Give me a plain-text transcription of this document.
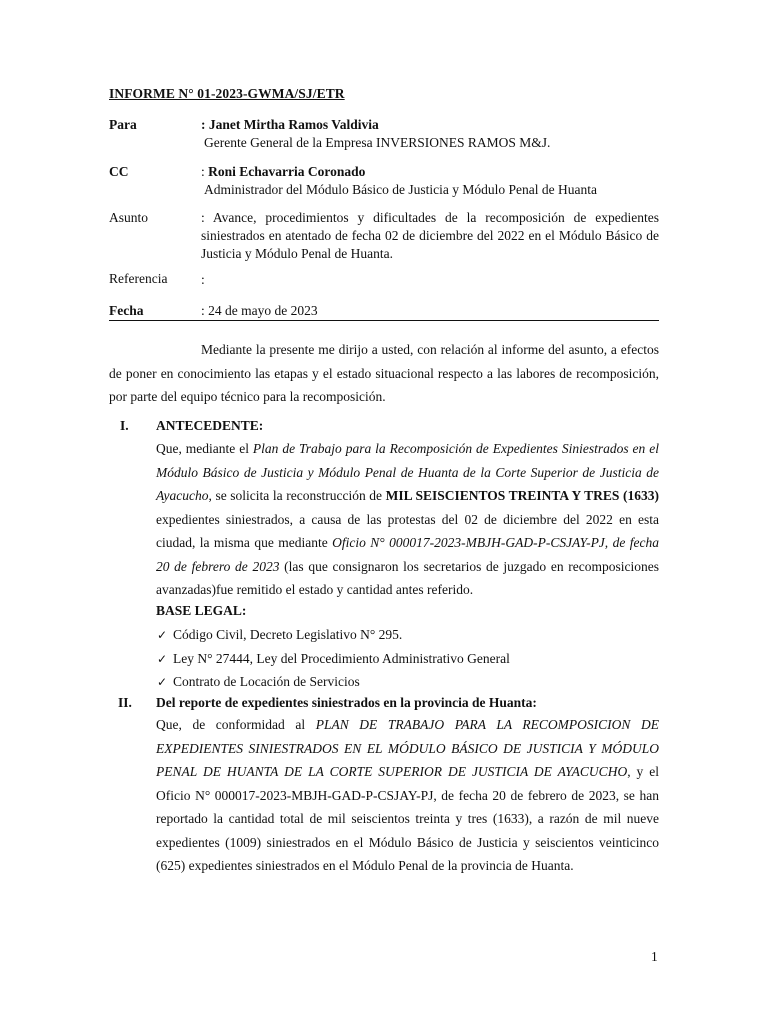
INFORME N° 01-2023-GWMA/SJ/ETR
Para	: Janet Mirtha Ramos Valdivia
Gerente General de la Empresa INVERSIONES RAMOS M&J.
CC	: Roni Echavarria Coronado
Administrador del Módulo Básico de Justicia y Módulo Penal de Huanta
Asunto	: Avance, procedimientos y dificultades de la recomposición de expedientes siniestrados en atentado de fecha 02 de diciembre del 2022 en el Módulo Básico de Justicia y Módulo Penal de Huanta.
Referencia :
Fecha	: 24 de mayo de 2023
Mediante la presente me dirijo a usted, con relación al informe del asunto, a efectos de poner en conocimiento las etapas y el estado situacional respecto a las labores de recomposición, por parte del equipo técnico para la recomposición.
I. ANTECEDENTE:
Que, mediante el Plan de Trabajo para la Recomposición de Expedientes Siniestrados en el Módulo Básico de Justicia y Módulo Penal de Huanta de la Corte Superior de Justicia de Ayacucho, se solicita la reconstrucción de MIL SEISCIENTOS TREINTA Y TRES (1633) expedientes siniestrados, a causa de las protestas del 02 de diciembre del 2022 en esta ciudad, la misma que mediante Oficio N° 000017-2023-MBJH-GAD-P-CSJAY-PJ, de fecha 20 de febrero de 2023 (las que consignaron los secretarios de juzgado en recomposiciones avanzadas)fue remitido el estado y cantidad antes referido.
BASE LEGAL:
✓ Código Civil, Decreto Legislativo N° 295.
✓ Ley N° 27444, Ley del Procedimiento Administrativo General
✓ Contrato de Locación de Servicios
II. Del reporte de expedientes siniestrados en la provincia de Huanta:
Que, de conformidad al PLAN DE TRABAJO PARA LA RECOMPOSICION DE EXPEDIENTES SINIESTRADOS EN EL MÓDULO BÁSICO DE JUSTICIA Y MÓDULO PENAL DE HUANTA DE LA CORTE SUPERIOR DE JUSTICIA DE AYACUCHO, y el Oficio N° 000017-2023-MBJH-GAD-P-CSJAY-PJ, de fecha 20 de febrero de 2023, se han reportado la cantidad total de mil seiscientos treinta y tres (1633), a razón de mil nueve expedientes (1009) siniestrados en el Módulo Básico de Justicia y seiscientos veinticinco (625) expedientes siniestrados en el Módulo Penal de la provincia de Huanta.
1
